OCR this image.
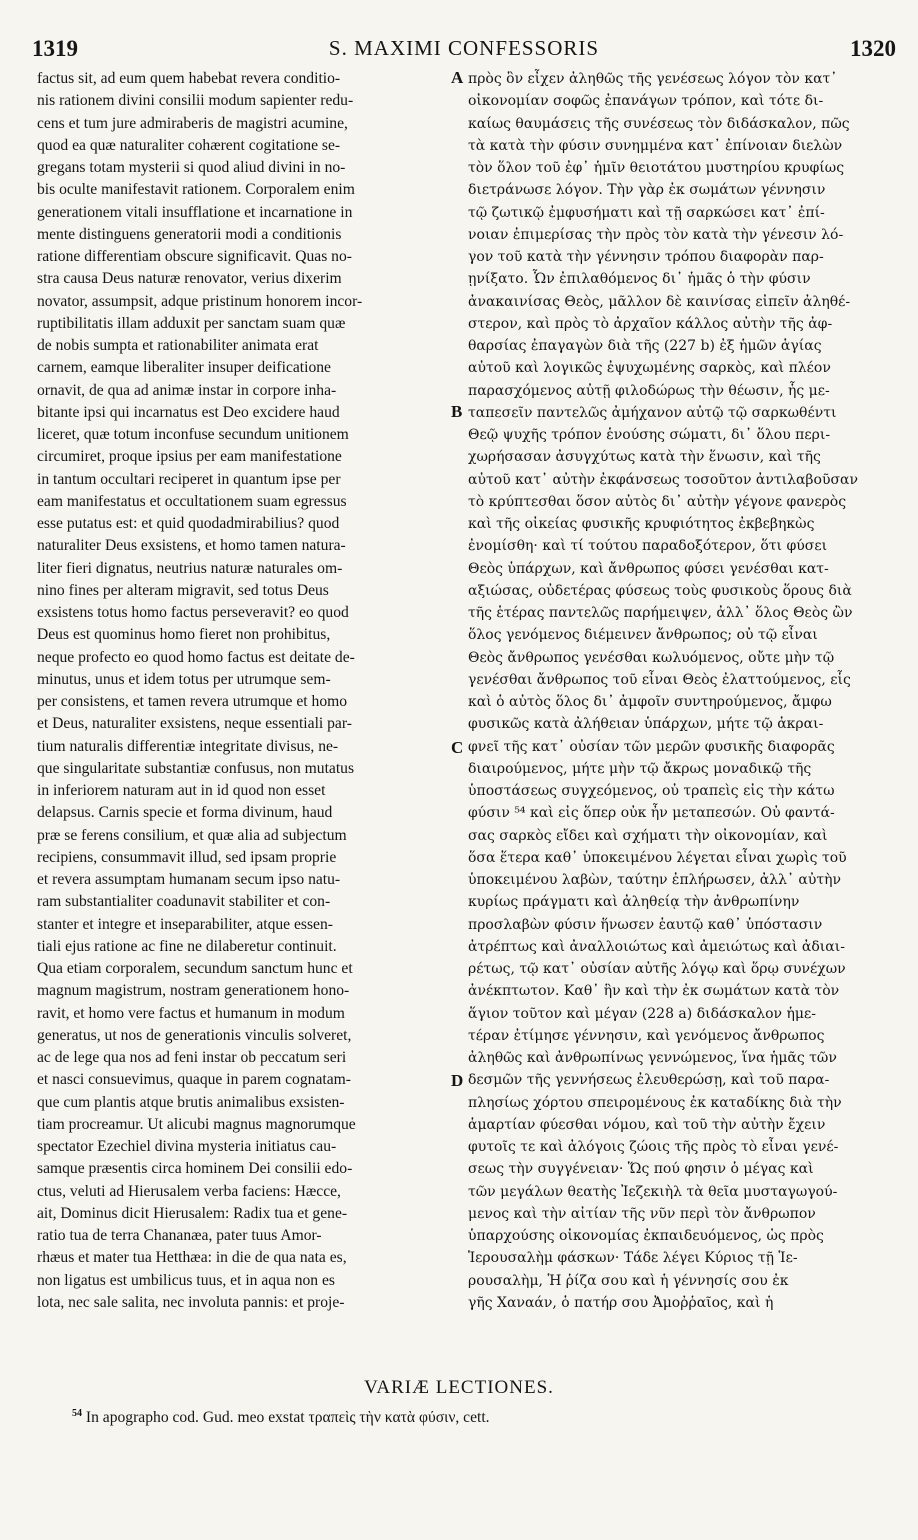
1319	S. MAXIMI CONFESSORIS	1320
factus sit, ad eum quem habebat revera conditio-
nis rationem divini consilii modum sapienter redu-
cens et tum jure admiraberis de magistri acumine,
quod ea quæ naturaliter cohærent cogitatione se-
gregans totam mysterii si quod aliud divini in no-
bis oculte manifestavit rationem. Corporalem enim
generationem vitali insufflatione et incarnatione in
mente distinguens generatorii modi a conditionis
ratione differentiam obscure significavit. Quas no-
stra causa Deus naturæ renovator, verius dixerim
novator, assumpsit, adque pristinum honorem incor-
ruptibilitatis illam adduxit per sanctam suam quæ
de nobis sumpta et rationabiliter animata erat
carnem, eamque liberaliter insuper deificatione
ornavit, de qua ad animæ instar in corpore inha-
bitante ipsi qui incarnatus est Deo excidere haud
liceret, quæ totum inconfuse secundum unitionem
circumiret, proque ipsius per eam manifestatione
in tantum occultari reciperet in quantum ipse per
eam manifestatus et occultationem suam egressus
esse putatus est: et quid quodadmirabilius? quod
naturaliter Deus exsistens, et homo tamen natura-
liter fieri dignatus, neutrius naturæ naturales om-
nino fines per alteram migravit, sed totus Deus
exsistens totus homo factus perseveravit? eo quod
Deus est quominus homo fieret non prohibitus,
neque profecto eo quod homo factus est deitate de-
minutus, unus et idem totus per utrumque sem-
per consistens, et tamen revera utrumque et homo
et Deus, naturaliter exsistens, neque essentiali par-
tium naturalis differentiæ integritate divisus, ne-
que singularitate substantiæ confusus, non mutatus
in inferiorem naturam aut in id quod non esset
delapsus. Carnis specie et forma divinum, haud
præ se ferens consilium, et quæ alia ad subjectum
recipiens, consummavit illud, sed ipsam proprie
et revera assumptam humanam secum ipso natu-
ram substantialiter coadunavit stabiliter et con-
stanter et integre et inseparabiliter, atque essen-
tiali ejus ratione ac fine ne dilaberetur continuit.
Qua etiam corporalem, secundum sanctum hunc et
magnum magistrum, nostram generationem hono-
ravit, et homo vere factus et humanum in modum
generatus, ut nos de generationis vinculis solveret,
ac de lege qua nos ad feni instar ob peccatum seri
et nasci consuevimus, quaque in parem cognatam-
que cum plantis atque brutis animalibus exsisten-
tiam procreamur. Ut alicubi magnus magnorumque
spectator Ezechiel divina mysteria initiatus cau-
samque præsentis circa hominem Dei consilii edo-
ctus, veluti ad Hierusalem verba faciens: Hæcce,
ait, Dominus dicit Hierusalem: Radix tua et gene-
ratio tua de terra Chananæa, pater tuus Amor-
rhæus et mater tua Hetthæa: in die de qua nata es,
non ligatus est umbilicus tuus, et in aqua non es
lota, nec sale salita, nec involuta pannis: et proje-
A
B
C
D
πρὸς ὃν εἶχεν ἀληθῶς τῆς γενέσεως λόγον τὸν κατ᾽
οἰκονομίαν σοφῶς ἐπανάγων τρόπον, καὶ τότε δι-
καίως θαυμάσεις τῆς συνέσεως τὸν διδάσκαλον, πῶς
τὰ κατὰ τὴν φύσιν συνημμένα κατ᾽ ἐπίνοιαν διελὼν
τὸν ὅλον τοῦ ἐφ᾽ ἡμῖν θειοτάτου μυστηρίου κρυφίως
διετράνωσε λόγον. Τὴν γὰρ ἐκ σωμάτων γέννησιν
τῷ ζωτικῷ ἐμφυσήματι καὶ τῇ σαρκώσει κατ᾽ ἐπί-
νοιαν ἐπιμερίσας τὴν πρὸς τὸν κατὰ τὴν γένεσιν λό-
γον τοῦ κατὰ τὴν γέννησιν τρόπου διαφορὰν παρ-
ῃνίξατο. Ὧν ἐπιλαθόμενος δι᾽ ἡμᾶς ὁ τὴν φύσιν
ἀνακαινίσας Θεὸς, μᾶλλον δὲ καινίσας εἰπεῖν ἀληθέ-
στερον, καὶ πρὸς τὸ ἀρχαῖον κάλλος αὐτὴν τῆς ἀφ-
θαρσίας ἐπαγαγὼν διὰ τῆς (227 b) ἐξ ἡμῶν ἁγίας
αὐτοῦ καὶ λογικῶς ἐψυχωμένης σαρκὸς, καὶ πλέον
παρασχόμενος αὐτῇ φιλοδώρως τὴν θέωσιν, ἧς με-
ταπεσεῖν παντελῶς ἀμήχανον αὐτῷ τῷ σαρκωθέντι
Θεῷ ψυχῆς τρόπον ἑνούσης σώματι, δι᾽ ὅλου περι-
χωρήσασαν ἀσυγχύτως κατὰ τὴν ἕνωσιν, καὶ τῆς
αὐτοῦ κατ᾽ αὐτὴν ἐκφάνσεως τοσοῦτον ἀντιλαβοῦσαν
τὸ κρύπτεσθαι ὅσον αὐτὸς δι᾽ αὐτὴν γέγονε φανερὸς
καὶ τῆς οἰκείας φυσικῆς κρυφιότητος ἐκβεβηκὼς
ἐνομίσθη· καὶ τί τούτου παραδοξότερον, ὅτι φύσει
Θεὸς ὑπάρχων, καὶ ἄνθρωπος φύσει γενέσθαι κατ-
αξιώσας, οὐδετέρας φύσεως τοὺς φυσικοὺς ὅρους διὰ
τῆς ἑτέρας παντελῶς παρήμειψεν, ἀλλ᾽ ὅλος Θεὸς ὢν
ὅλος γενόμενος διέμεινεν ἄνθρωπος; οὐ τῷ εἶναι
Θεὸς ἄνθρωπος γενέσθαι κωλυόμενος, οὔτε μὴν τῷ
γενέσθαι ἄνθρωπος τοῦ εἶναι Θεὸς ἐλαττούμενος, εἷς
καὶ ὁ αὐτὸς ὅλος δι᾽ ἀμφοῖν συντηρούμενος, ἄμφω
φυσικῶς κατὰ ἀλήθειαν ὑπάρχων, μήτε τῷ ἀκραι-
φνεῖ τῆς κατ᾽ οὐσίαν τῶν μερῶν φυσικῆς διαφορᾶς
διαιρούμενος, μήτε μὴν τῷ ἄκρως μοναδικῷ τῆς
ὑποστάσεως συγχεόμενος, οὐ τραπεὶς εἰς τὴν κάτω
φύσιν ⁵⁴ καὶ εἰς ὅπερ οὐκ ἦν μεταπεσών. Οὐ φαντά-
σας σαρκὸς εἴδει καὶ σχήματι τὴν οἰκονομίαν, καὶ
ὅσα ἕτερα καθ᾽ ὑποκειμένου λέγεται εἶναι χωρὶς τοῦ
ὑποκειμένου λαβὼν, ταύτην ἐπλήρωσεν, ἀλλ᾽ αὐτὴν
κυρίως πράγματι καὶ ἀληθείᾳ τὴν ἀνθρωπίνην
προσλαβὼν φύσιν ἥνωσεν ἑαυτῷ καθ᾽ ὑπόστασιν
ἀτρέπτως καὶ ἀναλλοιώτως καὶ ἀμειώτως καὶ ἀδιαι-
ρέτως, τῷ κατ᾽ οὐσίαν αὐτῆς λόγῳ καὶ ὅρῳ συνέχων
ἀνέκπτωτον. Καθ᾽ ἣν καὶ τὴν ἐκ σωμάτων κατὰ τὸν
ἅγιον τοῦτον καὶ μέγαν (228 a) διδάσκαλον ἡμε-
τέραν ἐτίμησε γέννησιν, καὶ γενόμενος ἄνθρωπος
ἀληθῶς καὶ ἀνθρωπίνως γεννώμενος, ἵνα ἡμᾶς τῶν
δεσμῶν τῆς γεννήσεως ἐλευθερώσῃ, καὶ τοῦ παρα-
πλησίως χόρτου σπειρομένους ἐκ καταδίκης διὰ τὴν
ἁμαρτίαν φύεσθαι νόμου, καὶ τοῦ τὴν αὐτὴν ἔχειν
φυτοῖς τε καὶ ἀλόγοις ζώοις τῆς πρὸς τὸ εἶναι γενέ-
σεως τὴν συγγένειαν· Ὥς πού φησιν ὁ μέγας καὶ
τῶν μεγάλων θεατὴς Ἰεζεκιὴλ τὰ θεῖα μυσταγωγού-
μενος καὶ τὴν αἰτίαν τῆς νῦν περὶ τὸν ἄνθρωπον
ὑπαρχούσης οἰκονομίας ἐκπαιδευόμενος, ὡς πρὸς
Ἱερουσαλὴμ φάσκων· Τάδε λέγει Κύριος τῇ Ἱε-
ρουσαλὴμ, Ἡ ῥίζα σου καὶ ἡ γέννησίς σου ἐκ
γῆς Χαναάν, ὁ πατήρ σου Ἀμοῤῥαῖος, καὶ ἡ
VARIÆ LECTIONES.
$^{54}$ In apographo cod. Gud. meo exstat τραπεὶς τὴν κατὰ φύσιν, cett.
